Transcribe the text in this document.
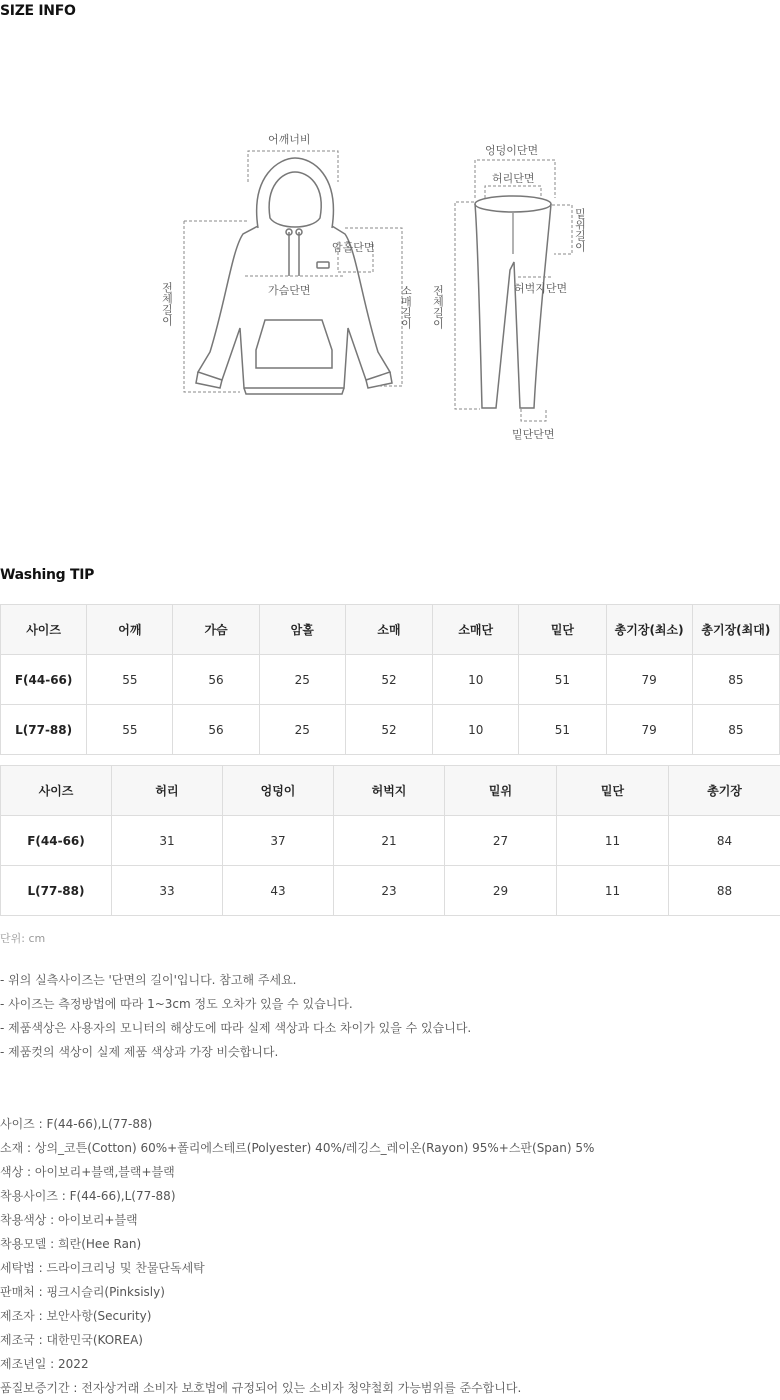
SIZE INFO
어깨너비
암홀단면
가슴단면
전체길이	소매길이
엉덩이단면
허리단면
밑위길이
허벅지단면
전체길이
밑단단면
Washing TIP
사이즈	어깨	가슴	암홀	소매	소매단	밑단	총기장(최소)	총기장(최대)
F(44-66)	55	56	25	52	10	51	79	85
L(77-88)	55	56	25	52	10	51	79	85
사이즈	허리	엉덩이	허벅지	밑위	밑단	총기장
F(44-66)	31	37	21	27	11	84
L(77-88)	33	43	23	29	11	88
단위: cm
- 위의 실측사이즈는 '단면의 길이'입니다. 참고해 주세요.
- 사이즈는 측정방법에 따라 1~3cm 정도 오차가 있을 수 있습니다.
- 제품색상은 사용자의 모니터의 해상도에 따라 실제 색상과 다소 차이가 있을 수 있습니다.
- 제품컷의 색상이 실제 제품 색상과 가장 비슷합니다.
사이즈 : F(44-66),L(77-88)
소재 : 상의_코튼(Cotton) 60%+폴리에스테르(Polyester) 40%/레깅스_레이온(Rayon) 95%+스판(Span) 5%
색상 : 아이보리+블랙,블랙+블랙
착용사이즈 : F(44-66),L(77-88)
착용색상 : 아이보리+블랙
착용모델 : 희란(Hee Ran)
세탁법 : 드라이크리닝 및 찬물단독세탁
판매처 : 핑크시슬리(Pinksisly)
제조자 : 보안사항(Security)
제조국 : 대한민국(KOREA)
제조년일 : 2022
품질보증기간 : 전자상거래 소비자 보호법에 규정되어 있는 소비자 청약철회 가능범위를 준수합니다.
